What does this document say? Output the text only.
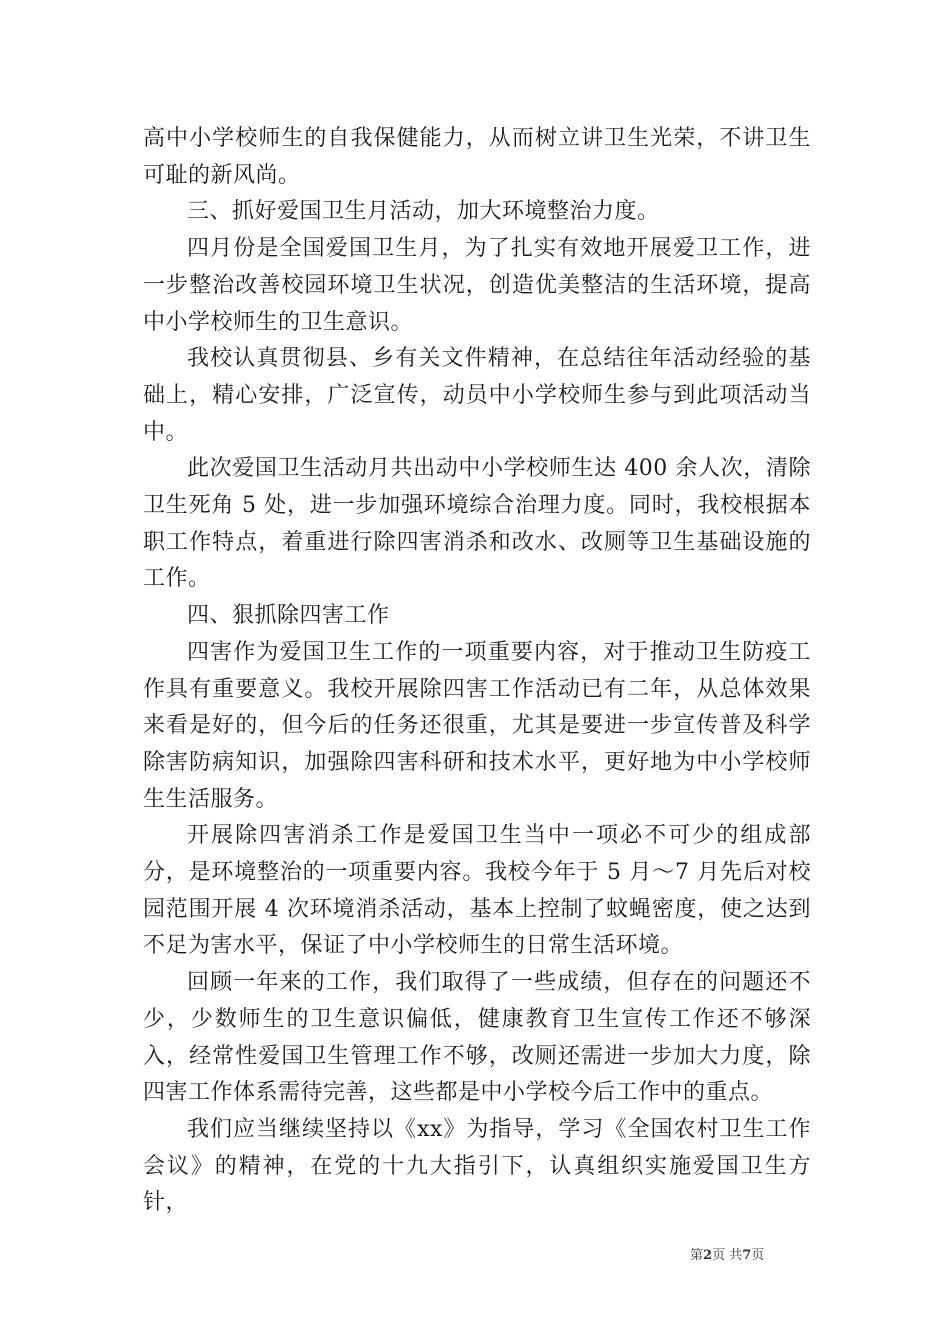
高中小学校师生的自我保健能力，从而树立讲卫生光荣，不讲卫生可耻的新风尚。

三、抓好爱国卫生月活动，加大环境整治力度。

四月份是全国爱国卫生月，为了扎实有效地开展爱卫工作，进一步整治改善校园环境卫生状况，创造优美整洁的生活环境，提高中小学校师生的卫生意识。

我校认真贯彻县、乡有关文件精神，在总结往年活动经验的基础上，精心安排，广泛宣传，动员中小学校师生参与到此项活动当中。

此次爱国卫生活动月共出动中小学校师生达 400 余人次，清除卫生死角 5 处，进一步加强环境综合治理力度。同时，我校根据本职工作特点，着重进行除四害消杀和改水、改厕等卫生基础设施的工作。

四、狠抓除四害工作

四害作为爱国卫生工作的一项重要内容，对于推动卫生防疫工作具有重要意义。我校开展除四害工作活动已有二年，从总体效果来看是好的，但今后的任务还很重，尤其是要进一步宣传普及科学除害防病知识，加强除四害科研和技术水平，更好地为中小学校师生生活服务。

开展除四害消杀工作是爱国卫生当中一项必不可少的组成部分，是环境整治的一项重要内容。我校今年于 5 月～7 月先后对校园范围开展 4 次环境消杀活动，基本上控制了蚊蝇密度，使之达到不足为害水平，保证了中小学校师生的日常生活环境。

回顾一年来的工作，我们取得了一些成绩，但存在的问题还不少，少数师生的卫生意识偏低，健康教育卫生宣传工作还不够深入，经常性爱国卫生管理工作不够，改厕还需进一步加大力度，除四害工作体系需待完善，这些都是中小学校今后工作中的重点。

我们应当继续坚持以《xx》为指导，学习《全国农村卫生工作会议》的精神，在党的十九大指引下，认真组织实施爱国卫生方针，

第2页 共7页
